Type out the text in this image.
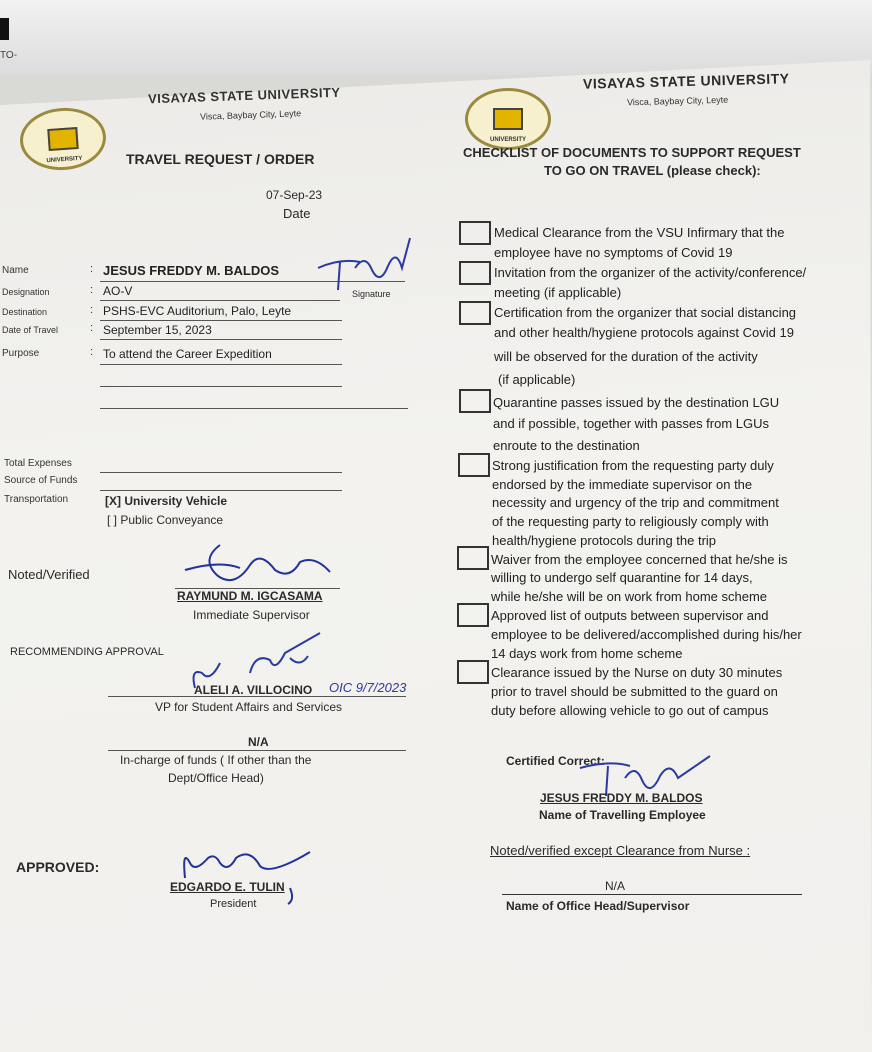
TO-
UNIVERSITY
VISAYAS STATE UNIVERSITY
Visca, Baybay City, Leyte
TRAVEL REQUEST / ORDER
07-Sep-23
Date
Name	: JESUS FREDDY M. BALDOS
Signature
Designation	: AO-V
Destination	: PSHS-EVC Auditorium, Palo, Leyte
Date of Travel	: September 15, 2023
Purpose	: To attend the Career Expedition
Total Expenses
Source of Funds
Transportation	[X] University Vehicle
[ ] Public Conveyance
Noted/Verified
RAYMUND M. IGCASAMA
Immediate Supervisor
RECOMMENDING APPROVAL
ALELI A. VILLOCINO OIC 9/7/2023
VP for Student Affairs and Services
N/A
In-charge of funds ( If other than the
Dept/Office Head)
APPROVED:
EDGARDO E. TULIN
President
UNIVERSITY
VISAYAS STATE UNIVERSITY
Visca, Baybay City, Leyte
CHECKLIST OF DOCUMENTS TO SUPPORT REQUEST
TO GO ON TRAVEL (please check):
Medical Clearance from the VSU Infirmary that the
employee have no symptoms of Covid 19
Invitation from the organizer of the activity/conference/
meeting (if applicable)
Certification from the organizer that social distancing
and other health/hygiene protocols against Covid 19
will be observed for the duration of the activity
(if applicable)
Quarantine passes issued by the destination LGU
and if possible, together with passes from LGUs
enroute to the destination
Strong justification from the requesting party duly
endorsed by the immediate supervisor on the
necessity and urgency of the trip and commitment
of the requesting party to religiously comply with
health/hygiene protocols during the trip
Waiver from the employee concerned that he/she is
willing to undergo self quarantine for 14 days,
while he/she will be on work from home scheme
Approved list of outputs between supervisor and
employee to be delivered/accomplished during his/her
14 days work from home scheme
Clearance issued by the Nurse on duty 30 minutes
prior to travel should be submitted to the guard on
duty before allowing vehicle to go out of campus
Certified Correct:
JESUS FREDDY M. BALDOS
Name of Travelling Employee
Noted/verified except Clearance from Nurse :
N/A
Name of Office Head/Supervisor
